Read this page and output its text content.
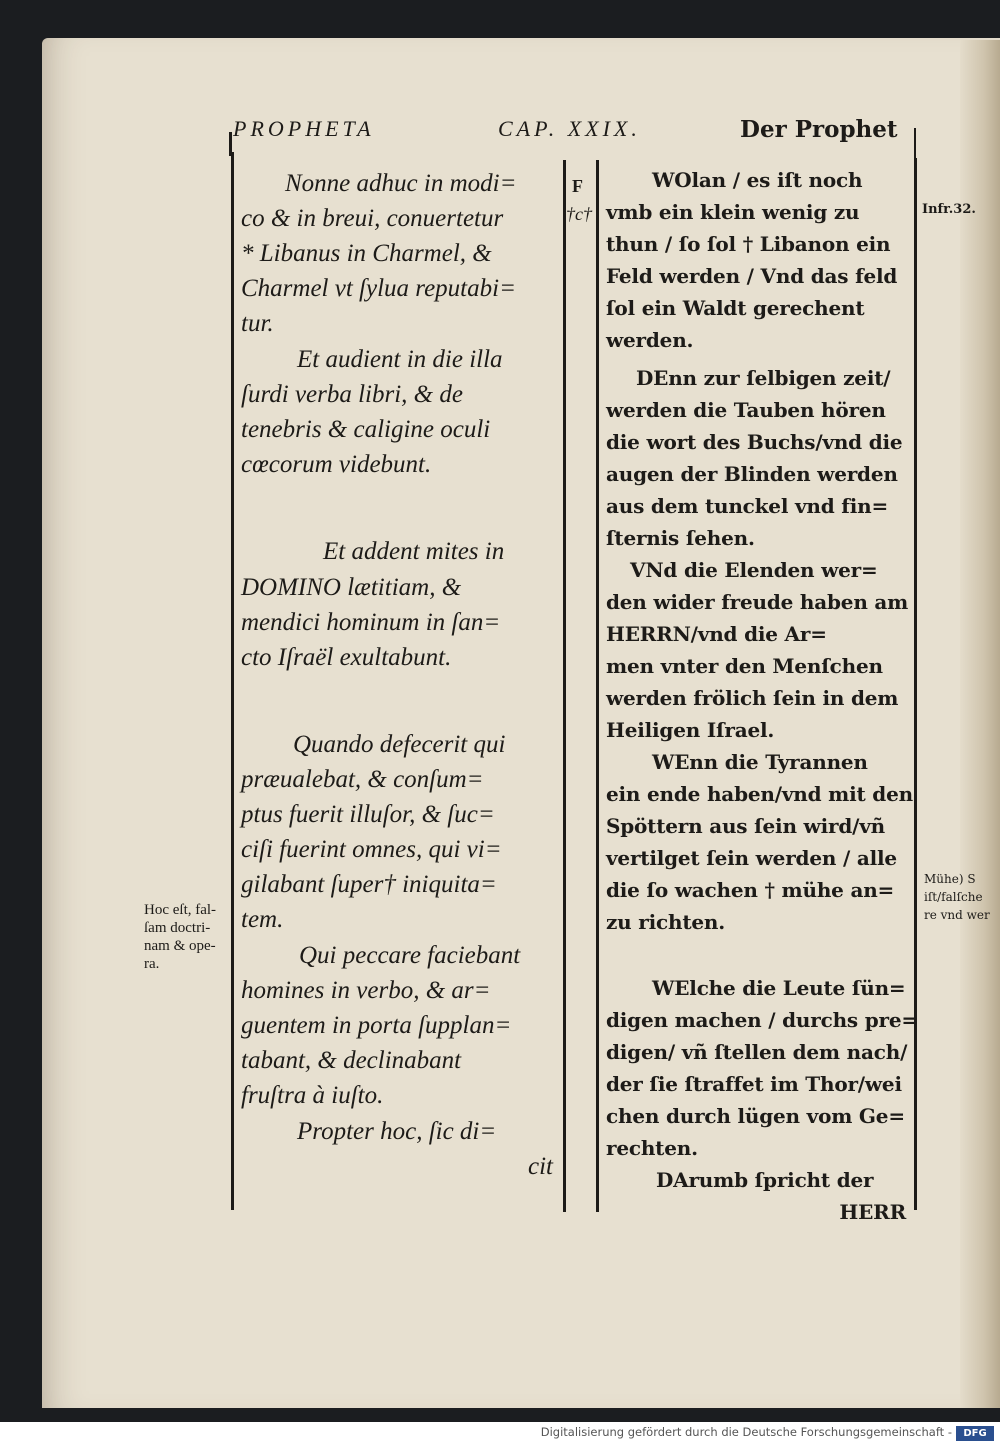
PROPHETA	CAP. XXIX.	Der Prophet
F
†c†
Nonne adhuc in modi=
co & in breui, conuertetur
* Libanus in Charmel, &
Charmel vt ſylua reputabi=
tur.
Et audient in die illa
ſurdi verba libri, & de
tenebris & caligine oculi
cœcorum videbunt.
Et addent mites in
DOMINO lætitiam, &
mendici hominum in ſan=
cto Iſraël exultabunt.
Quando defecerit qui
præualebat, & conſum=
ptus fuerit illuſor, & ſuc=
ciſi fuerint omnes, qui vi=
gilabant ſuper† iniquita=
tem.
Qui peccare faciebant
homines in verbo, & ar=
guentem in porta ſupplan=
tabant, & declinabant
fruſtra à iuſto.
Propter hoc, ſic di=
cit
WOlan / es iſt noch
vmb ein klein wenig zu
thun / ſo ſol † Libanon ein
Feld werden / Vnd das feld
ſol ein Waldt gerechent
werden.
DEnn zur ſelbigen zeit/
werden die Tauben hören
die wort des Buchs/vnd die
augen der Blinden werden
aus dem tunckel vnd fin=
ſternis ſehen.
VNd die Elenden wer=
den wider freude haben am
HERRN/vnd die Ar=
men vnter den Menſchen
werden frölich ſein in dem
Heiligen Iſrael.
WEnn die Tyrannen
ein ende haben/vnd mit den
Spöttern aus ſein wird/vñ
vertilget ſein werden / alle
die ſo wachen † mühe an=
zu richten.
WElche die Leute ſün=
digen machen / durchs pre=
digen/ vñ ſtellen dem nach/
der ſie ſtraffet im Thor/wei
chen durch lügen vom Ge=
rechten.
DArumb ſpricht der
HERR
Hoc eſt, fal-
ſam doctri-
nam & ope-
ra.
Infr.32.
Mühe) S
iſt/falſche
re vnd wer
Digitalisierung gefördert durch die Deutsche Forschungsgemeinschaft -	DFG
